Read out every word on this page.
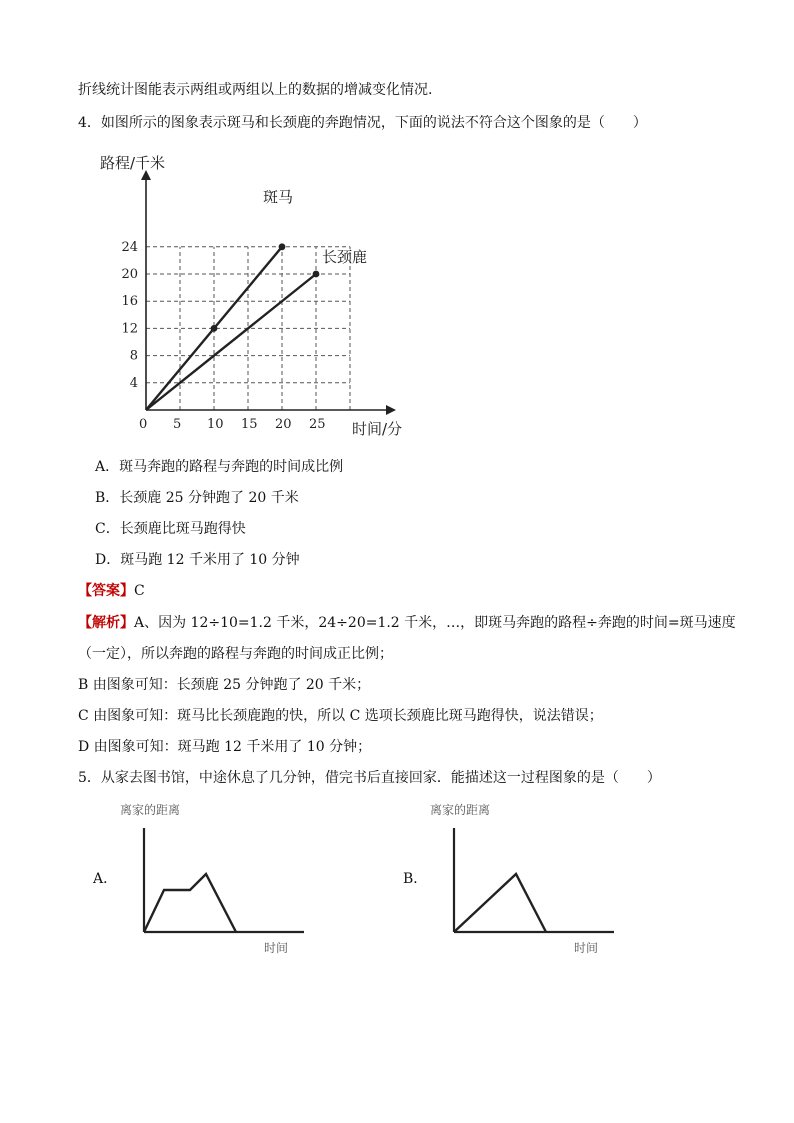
折线统计图能表示两组或两组以上的数据的增减变化情况.
4．如图所示的图象表示斑马和长颈鹿的奔跑情况，下面的说法不符合这个图象的是（　　）
0 5 10 15 20 25
4
8
12
16
20
24
路程/千米
时间/分
斑马
长颈鹿
A．斑马奔跑的路程与奔跑的时间成比例
B．长颈鹿 25 分钟跑了 20 千米
C．长颈鹿比斑马跑得快
D．斑马跑 12 千米用了 10 分钟
【答案】C
【解析】A、因为 12÷10=1.2 千米，24÷20=1.2 千米，…，即斑马奔跑的路程÷奔跑的时间=斑马速度
（一定），所以奔跑的路程与奔跑的时间成正比例；
B 由图象可知：长颈鹿 25 分钟跑了 20 千米；
C 由图象可知：斑马比长颈鹿跑的快，所以 C 选项长颈鹿比斑马跑得快，说法错误；
D 由图象可知：斑马跑 12 千米用了 10 分钟；
5．从家去图书馆，中途休息了几分钟，借完书后直接回家．能描述这一过程图象的是（　　）
A．
离家的距离
时间
B．
离家的距离
时间
